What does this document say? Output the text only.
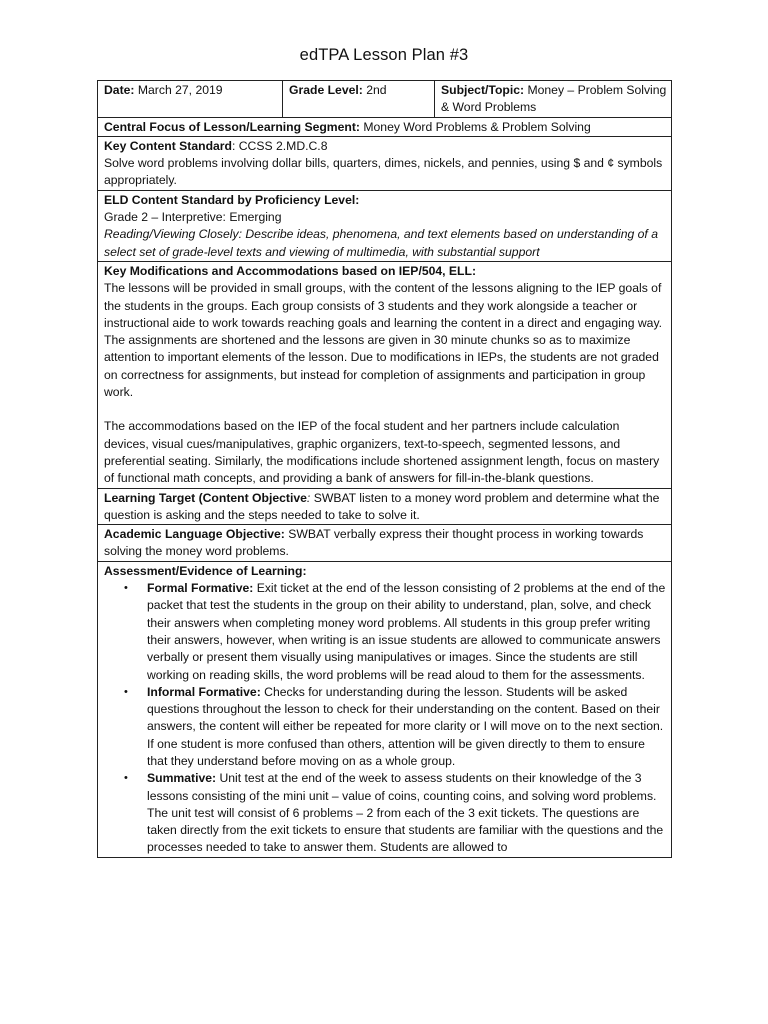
edTPA Lesson Plan #3
Date: March 27, 2019	Grade Level: 2nd	Subject/Topic: Money – Problem Solving & Word Problems
Central Focus of Lesson/Learning Segment: Money Word Problems & Problem Solving

Key Content Standard: CCSS 2.MD.C.8

Solve word problems involving dollar bills, quarters, dimes, nickels, and pennies, using $ and ¢ symbols appropriately.

ELD Content Standard by Proficiency Level:

Grade 2 – Interpretive: Emerging

Reading/Viewing Closely: Describe ideas, phenomena, and text elements based on understanding of a select set of grade-level texts and viewing of multimedia, with substantial support

Key Modifications and Accommodations based on IEP/504, ELL:

The lessons will be provided in small groups, with the content of the lessons aligning to the IEP goals of the students in the groups. Each group consists of 3 students and they work alongside a teacher or instructional aide to work towards reaching goals and learning the content in a direct and engaging way. The assignments are shortened and the lessons are given in 30 minute chunks so as to maximize attention to important elements of the lesson. Due to modifications in IEPs, the students are not graded on correctness for assignments, but instead for completion of assignments and participation in group work.

The accommodations based on the IEP of the focal student and her partners include calculation devices, visual cues/manipulatives, graphic organizers, text-to-speech, segmented lessons, and preferential seating. Similarly, the modifications include shortened assignment length, focus on mastery of functional math concepts, and providing a bank of answers for fill-in-the-blank questions.

Learning Target (Content Objective: SWBAT listen to a money word problem and determine what the question is asking and the steps needed to take to solve it.

Academic Language Objective: SWBAT verbally express their thought process in working towards solving the money word problems.

Assessment/Evidence of Learning:

• Formal Formative: Exit ticket at the end of the lesson consisting of 2 problems at the end of the packet that test the students in the group on their ability to understand, plan, solve, and check their answers when completing money word problems. All students in this group prefer writing their answers, however, when writing is an issue students are allowed to communicate answers verbally or present them visually using manipulatives or images. Since the students are still working on reading skills, the word problems will be read aloud to them for the assessments.
• Informal Formative: Checks for understanding during the lesson. Students will be asked questions throughout the lesson to check for their understanding on the content. Based on their answers, the content will either be repeated for more clarity or I will move on to the next section. If one student is more confused than others, attention will be given directly to them to ensure that they understand before moving on as a whole group.
• Summative: Unit test at the end of the week to assess students on their knowledge of the 3 lessons consisting of the mini unit – value of coins, counting coins, and solving word problems. The unit test will consist of 6 problems – 2 from each of the 3 exit tickets. The questions are taken directly from the exit tickets to ensure that students are familiar with the questions and the processes needed to take to answer them. Students are allowed to
